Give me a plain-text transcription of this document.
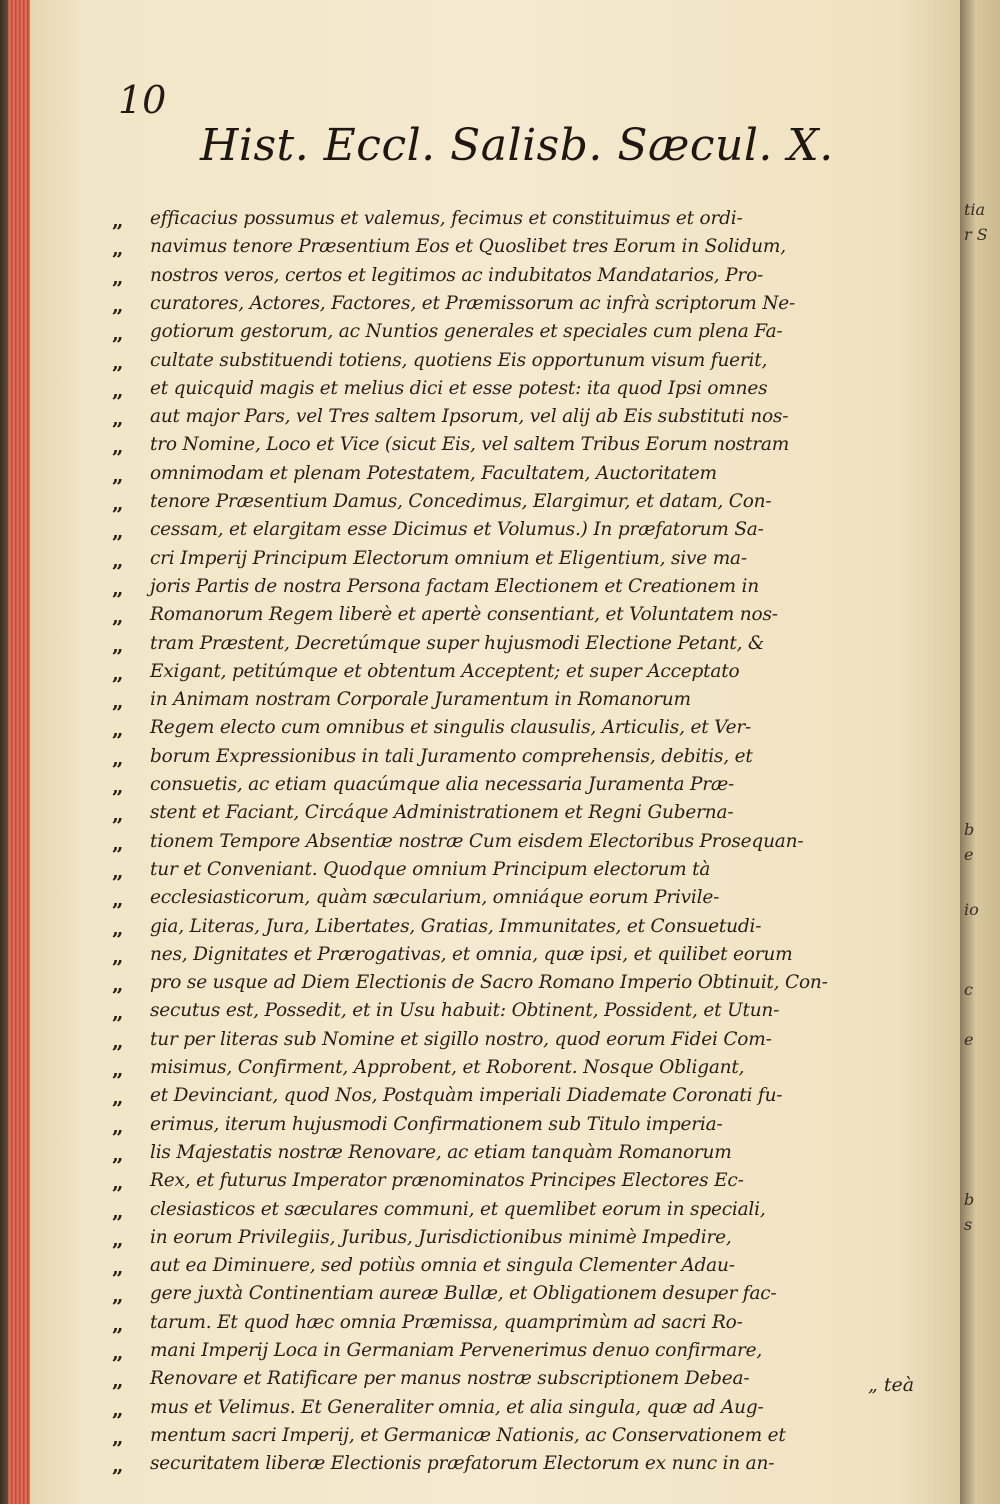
tia
r S
b
e
io
c
e
b
s
10
Hist. Eccl. Salisb. Sæcul. X.
„ efficacius possumus et valemus, fecimus et constituimus et ordi-
„ navimus tenore Præsentium Eos et Quoslibet tres Eorum in Solidum,
„ nostros veros, certos et legitimos ac indubitatos Mandatarios, Pro-
„ curatores, Actores, Factores, et Præmissorum ac infrà scriptorum Ne-
„ gotiorum gestorum, ac Nuntios generales et speciales cum plena Fa-
„ cultate substituendi totiens, quotiens Eis opportunum visum fuerit,
„ et quicquid magis et melius dici et esse potest: ita quod Ipsi omnes
„ aut major Pars, vel Tres saltem Ipsorum, vel alij ab Eis substituti nos-
„ tro Nomine, Loco et Vice (sicut Eis, vel saltem Tribus Eorum nostram
„ omnimodam et plenam Potestatem, Facultatem, Auctoritatem
„ tenore Præsentium Damus, Concedimus, Elargimur, et datam, Con-
„ cessam, et elargitam esse Dicimus et Volumus.) In præfatorum Sa-
„ cri Imperij Principum Electorum omnium et Eligentium, sive ma-
„ joris Partis de nostra Persona factam Electionem et Creationem in
„ Romanorum Regem liberè et apertè consentiant, et Voluntatem nos-
„ tram Præstent, Decretúmque super hujusmodi Electione Petant, &
„ Exigant, petitúmque et obtentum Acceptent; et super Acceptato
„ in Animam nostram Corporale Juramentum in Romanorum
„ Regem electo cum omnibus et singulis clausulis, Articulis, et Ver-
„ borum Expressionibus in tali Juramento comprehensis, debitis, et
„ consuetis, ac etiam quacúmque alia necessaria Juramenta Præ-
„ stent et Faciant, Circáque Administrationem et Regni Guberna-
„ tionem Tempore Absentiæ nostræ Cum eisdem Electoribus Prosequan-
„ tur et Conveniant. Quodque omnium Principum electorum tà
„ ecclesiasticorum, quàm sæcularium, omniáque eorum Privile-
„ gia, Literas, Jura, Libertates, Gratias, Immunitates, et Consuetudi-
„ nes, Dignitates et Prærogativas, et omnia, quæ ipsi, et quilibet eorum
„ pro se usque ad Diem Electionis de Sacro Romano Imperio Obtinuit, Con-
„ secutus est, Possedit, et in Usu habuit: Obtinent, Possident, et Utun-
„ tur per literas sub Nomine et sigillo nostro, quod eorum Fidei Com-
„ misimus, Confirment, Approbent, et Roborent. Nosque Obligant,
„ et Devinciant, quod Nos, Postquàm imperiali Diademate Coronati fu-
„ erimus, iterum hujusmodi Confirmationem sub Titulo imperia-
„ lis Majestatis nostræ Renovare, ac etiam tanquàm Romanorum
„ Rex, et futurus Imperator prænominatos Principes Electores Ec-
„ clesiasticos et sæculares communi, et quemlibet eorum in speciali,
„ in eorum Privilegiis, Juribus, Jurisdictionibus minimè Impedire,
„ aut ea Diminuere, sed potiùs omnia et singula Clementer Adau-
„ gere juxtà Continentiam aureæ Bullæ, et Obligationem desuper fac-
„ tarum. Et quod hæc omnia Præmissa, quamprimùm ad sacri Ro-
„ mani Imperij Loca in Germaniam Pervenerimus denuo confirmare,
„ Renovare et Ratificare per manus nostræ subscriptionem Debea-
„ mus et Velimus. Et Generaliter omnia, et alia singula, quæ ad Aug-
„ mentum sacri Imperij, et Germanicæ Nationis, ac Conservationem et
„ securitatem liberæ Electionis præfatorum Electorum ex nunc in an-
„ teà
